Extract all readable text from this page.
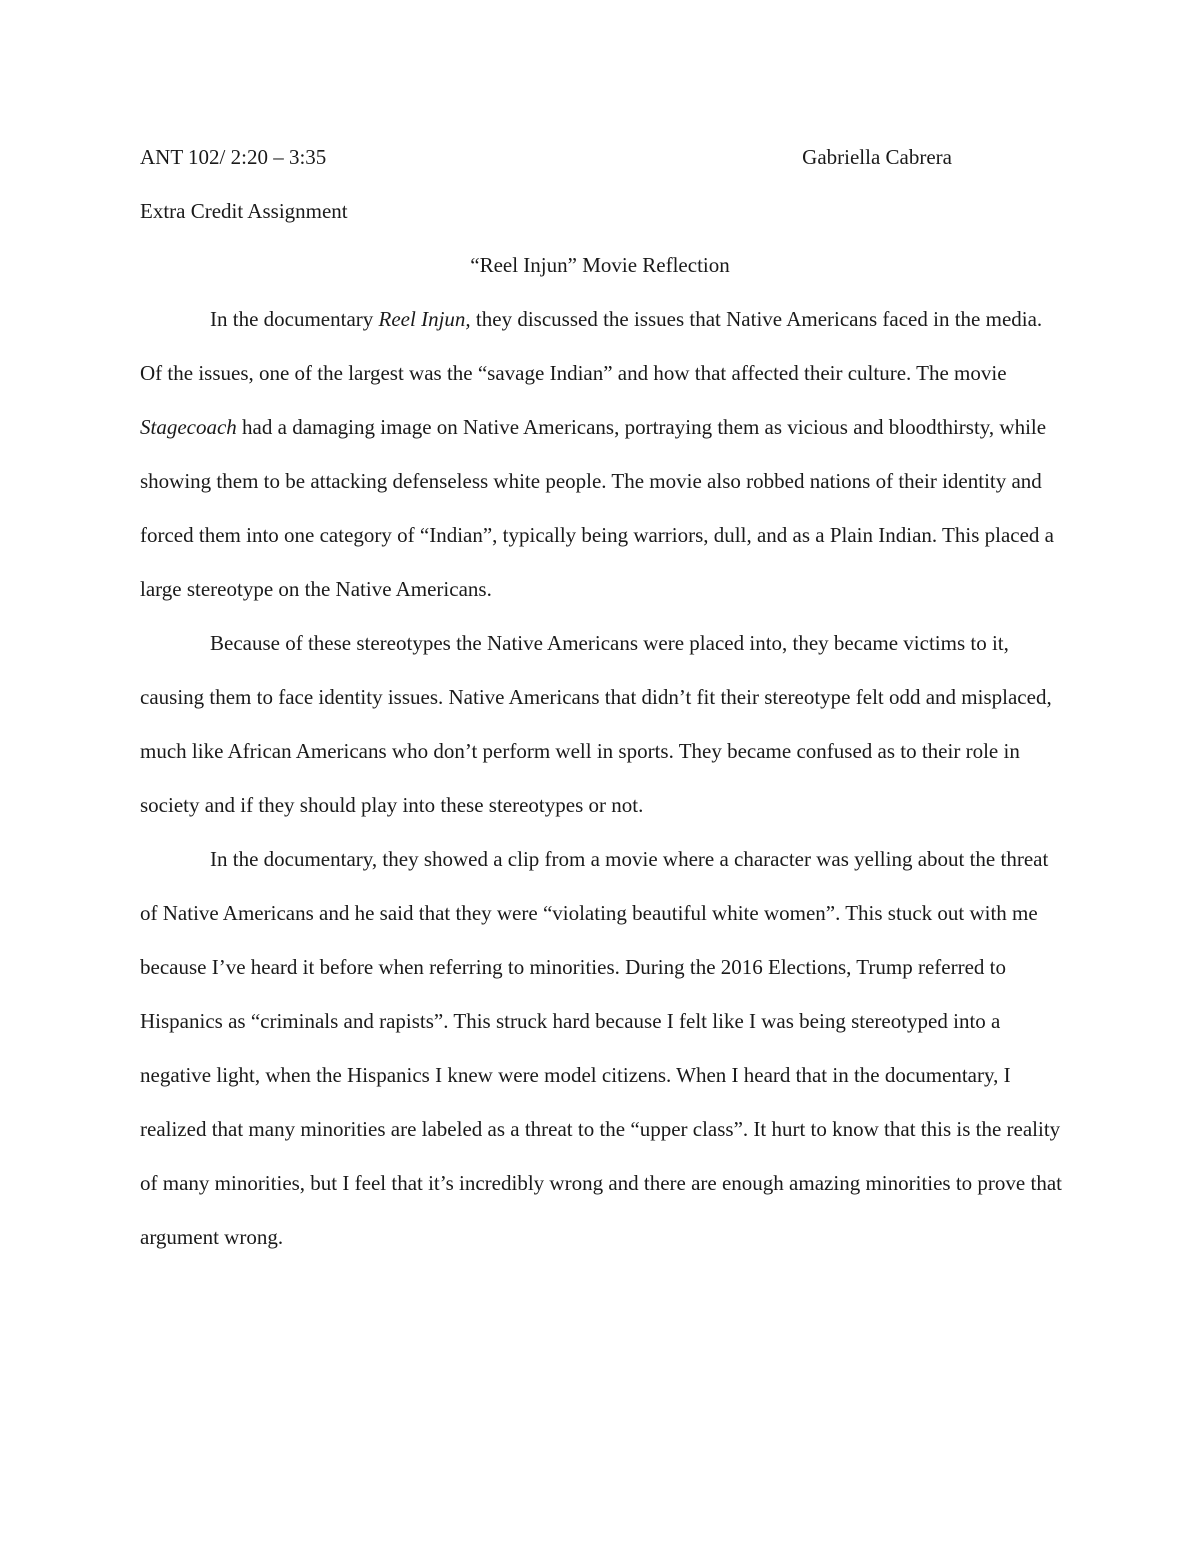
ANT 102/ 2:20 – 3:35	Gabriella Cabrera
Extra Credit Assignment
“Reel Injun” Movie Reflection

In the documentary Reel Injun, they discussed the issues that Native Americans faced in the media. Of the issues, one of the largest was the “savage Indian” and how that affected their culture. The movie Stagecoach had a damaging image on Native Americans, portraying them as vicious and bloodthirsty, while showing them to be attacking defenseless white people. The movie also robbed nations of their identity and forced them into one category of “Indian”, typically being warriors, dull, and as a Plain Indian. This placed a large stereotype on the Native Americans.

Because of these stereotypes the Native Americans were placed into, they became victims to it, causing them to face identity issues. Native Americans that didn’t fit their stereotype felt odd and misplaced, much like African Americans who don’t perform well in sports. They became confused as to their role in society and if they should play into these stereotypes or not.

In the documentary, they showed a clip from a movie where a character was yelling about the threat of Native Americans and he said that they were “violating beautiful white women”. This stuck out with me because I’ve heard it before when referring to minorities. During the 2016 Elections, Trump referred to Hispanics as “criminals and rapists”. This struck hard because I felt like I was being stereotyped into a negative light, when the Hispanics I knew were model citizens. When I heard that in the documentary, I realized that many minorities are labeled as a threat to the “upper class”. It hurt to know that this is the reality of many minorities, but I feel that it’s incredibly wrong and there are enough amazing minorities to prove that argument wrong.
